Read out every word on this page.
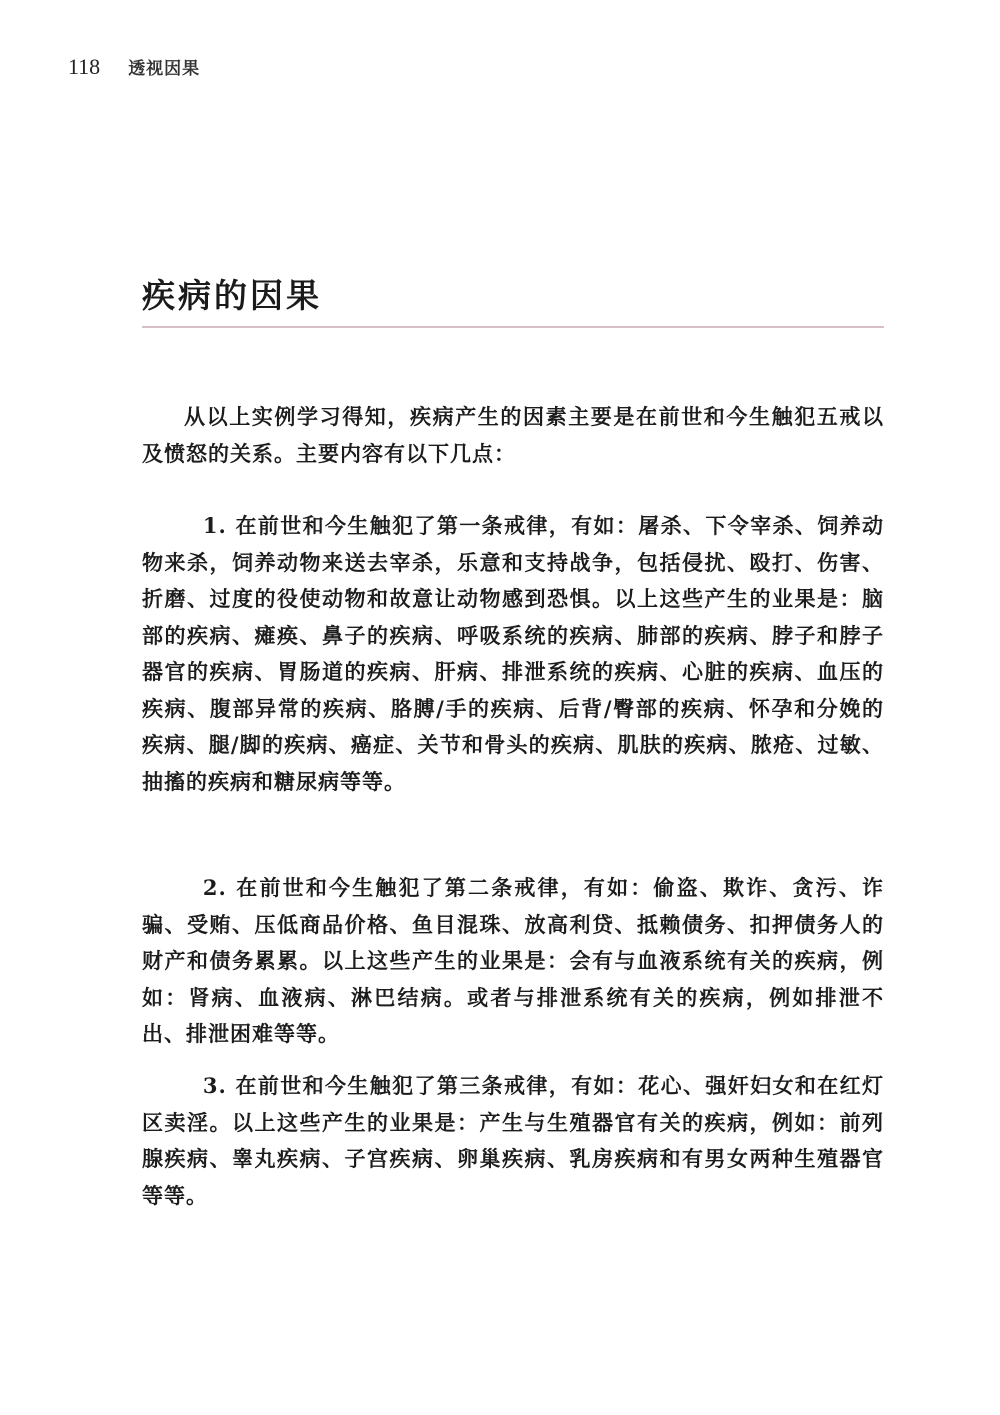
118 透视因果
疾病的因果

从以上实例学习得知，疾病产生的因素主要是在前世和今生触犯五戒以及愤怒的关系。主要内容有以下几点：

1. 在前世和今生触犯了第一条戒律，有如：屠杀、下令宰杀、饲养动物来杀，饲养动物来送去宰杀，乐意和支持战争，包括侵扰、殴打、伤害、折磨、过度的役使动物和故意让动物感到恐惧。以上这些产生的业果是：脑部的疾病、瘫痪、鼻子的疾病、呼吸系统的疾病、肺部的疾病、脖子和脖子器官的疾病、胃肠道的疾病、肝病、排泄系统的疾病、心脏的疾病、血压的疾病、腹部异常的疾病、胳膊/手的疾病、后背/臀部的疾病、怀孕和分娩的疾病、腿/脚的疾病、癌症、关节和骨头的疾病、肌肤的疾病、脓疮、过敏、抽搐的疾病和糖尿病等等。

2. 在前世和今生触犯了第二条戒律，有如：偷盗、欺诈、贪污、诈骗、受贿、压低商品价格、鱼目混珠、放高利贷、抵赖债务、扣押债务人的财产和债务累累。以上这些产生的业果是：会有与血液系统有关的疾病，例如：肾病、血液病、淋巴结病。或者与排泄系统有关的疾病，例如排泄不出、排泄困难等等。

3. 在前世和今生触犯了第三条戒律，有如：花心、强奸妇女和在红灯区卖淫。以上这些产生的业果是：产生与生殖器官有关的疾病，例如：前列腺疾病、睾丸疾病、子宫疾病、卵巢疾病、乳房疾病和有男女两种生殖器官等等。
